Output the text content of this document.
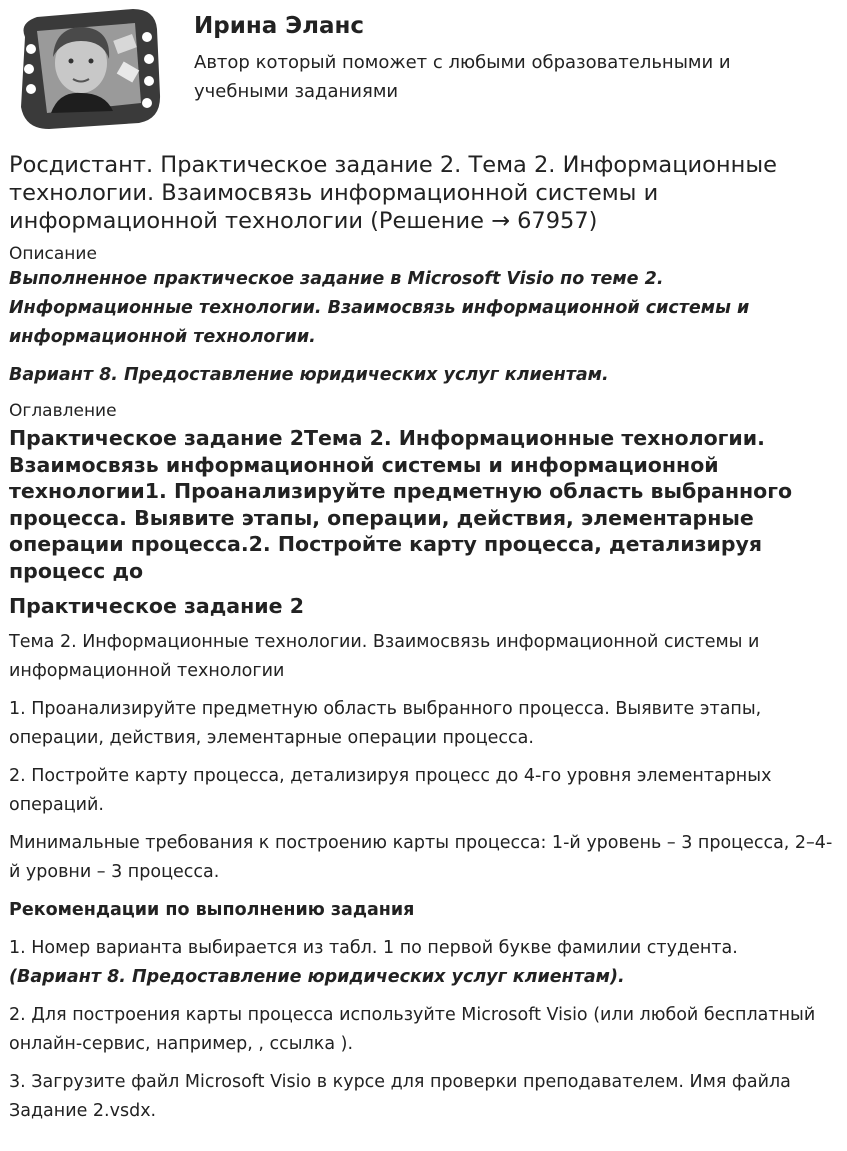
Ирина Эланс
Автор который поможет с любыми образовательными и учебными заданиями
Росдистант. Практическое задание 2. Тема 2. Информационные технологии. Взаимосвязь информационной системы и информационной технологии (Решение → 67957)
Описание

Выполненное практическое задание в Microsoft Visio по теме 2. Информационные технологии. Взаимосвязь информационной системы и информационной технологии.

Вариант 8. Предоставление юридических услуг клиентам.

Оглавление

Практическое задание 2Тема 2. Информационные технологии. Взаимосвязь информационной системы и информационной технологии1. Проанализируйте предметную область выбранного процесса. Выявите этапы, операции, действия, элементарные операции процесса.2. Постройте карту процесса, детализируя процесс до

Практическое задание 2

Тема 2. Информационные технологии. Взаимосвязь информационной системы и информационной технологии

1. Проанализируйте предметную область выбранного процесса. Выявите этапы, операции, действия, элементарные операции процесса.

2. Постройте карту процесса, детализируя процесс до 4-го уровня элементарных операций.

Минимальные требования к построению карты процесса: 1-й уровень – 3 процесса, 2–4-й уровни – 3 процесса.

Рекомендации по выполнению задания

1. Номер варианта выбирается из табл. 1 по первой букве фамилии студента.
(Вариант 8. Предоставление юридических услуг клиентам).

2. Для построения карты процесса используйте Microsoft Visio (или любой бесплатный онлайн-сервис, например, , ссылка ).

3. Загрузите файл Microsoft Visio в курсе для проверки преподавателем. Имя файла Задание 2.vsdx.
